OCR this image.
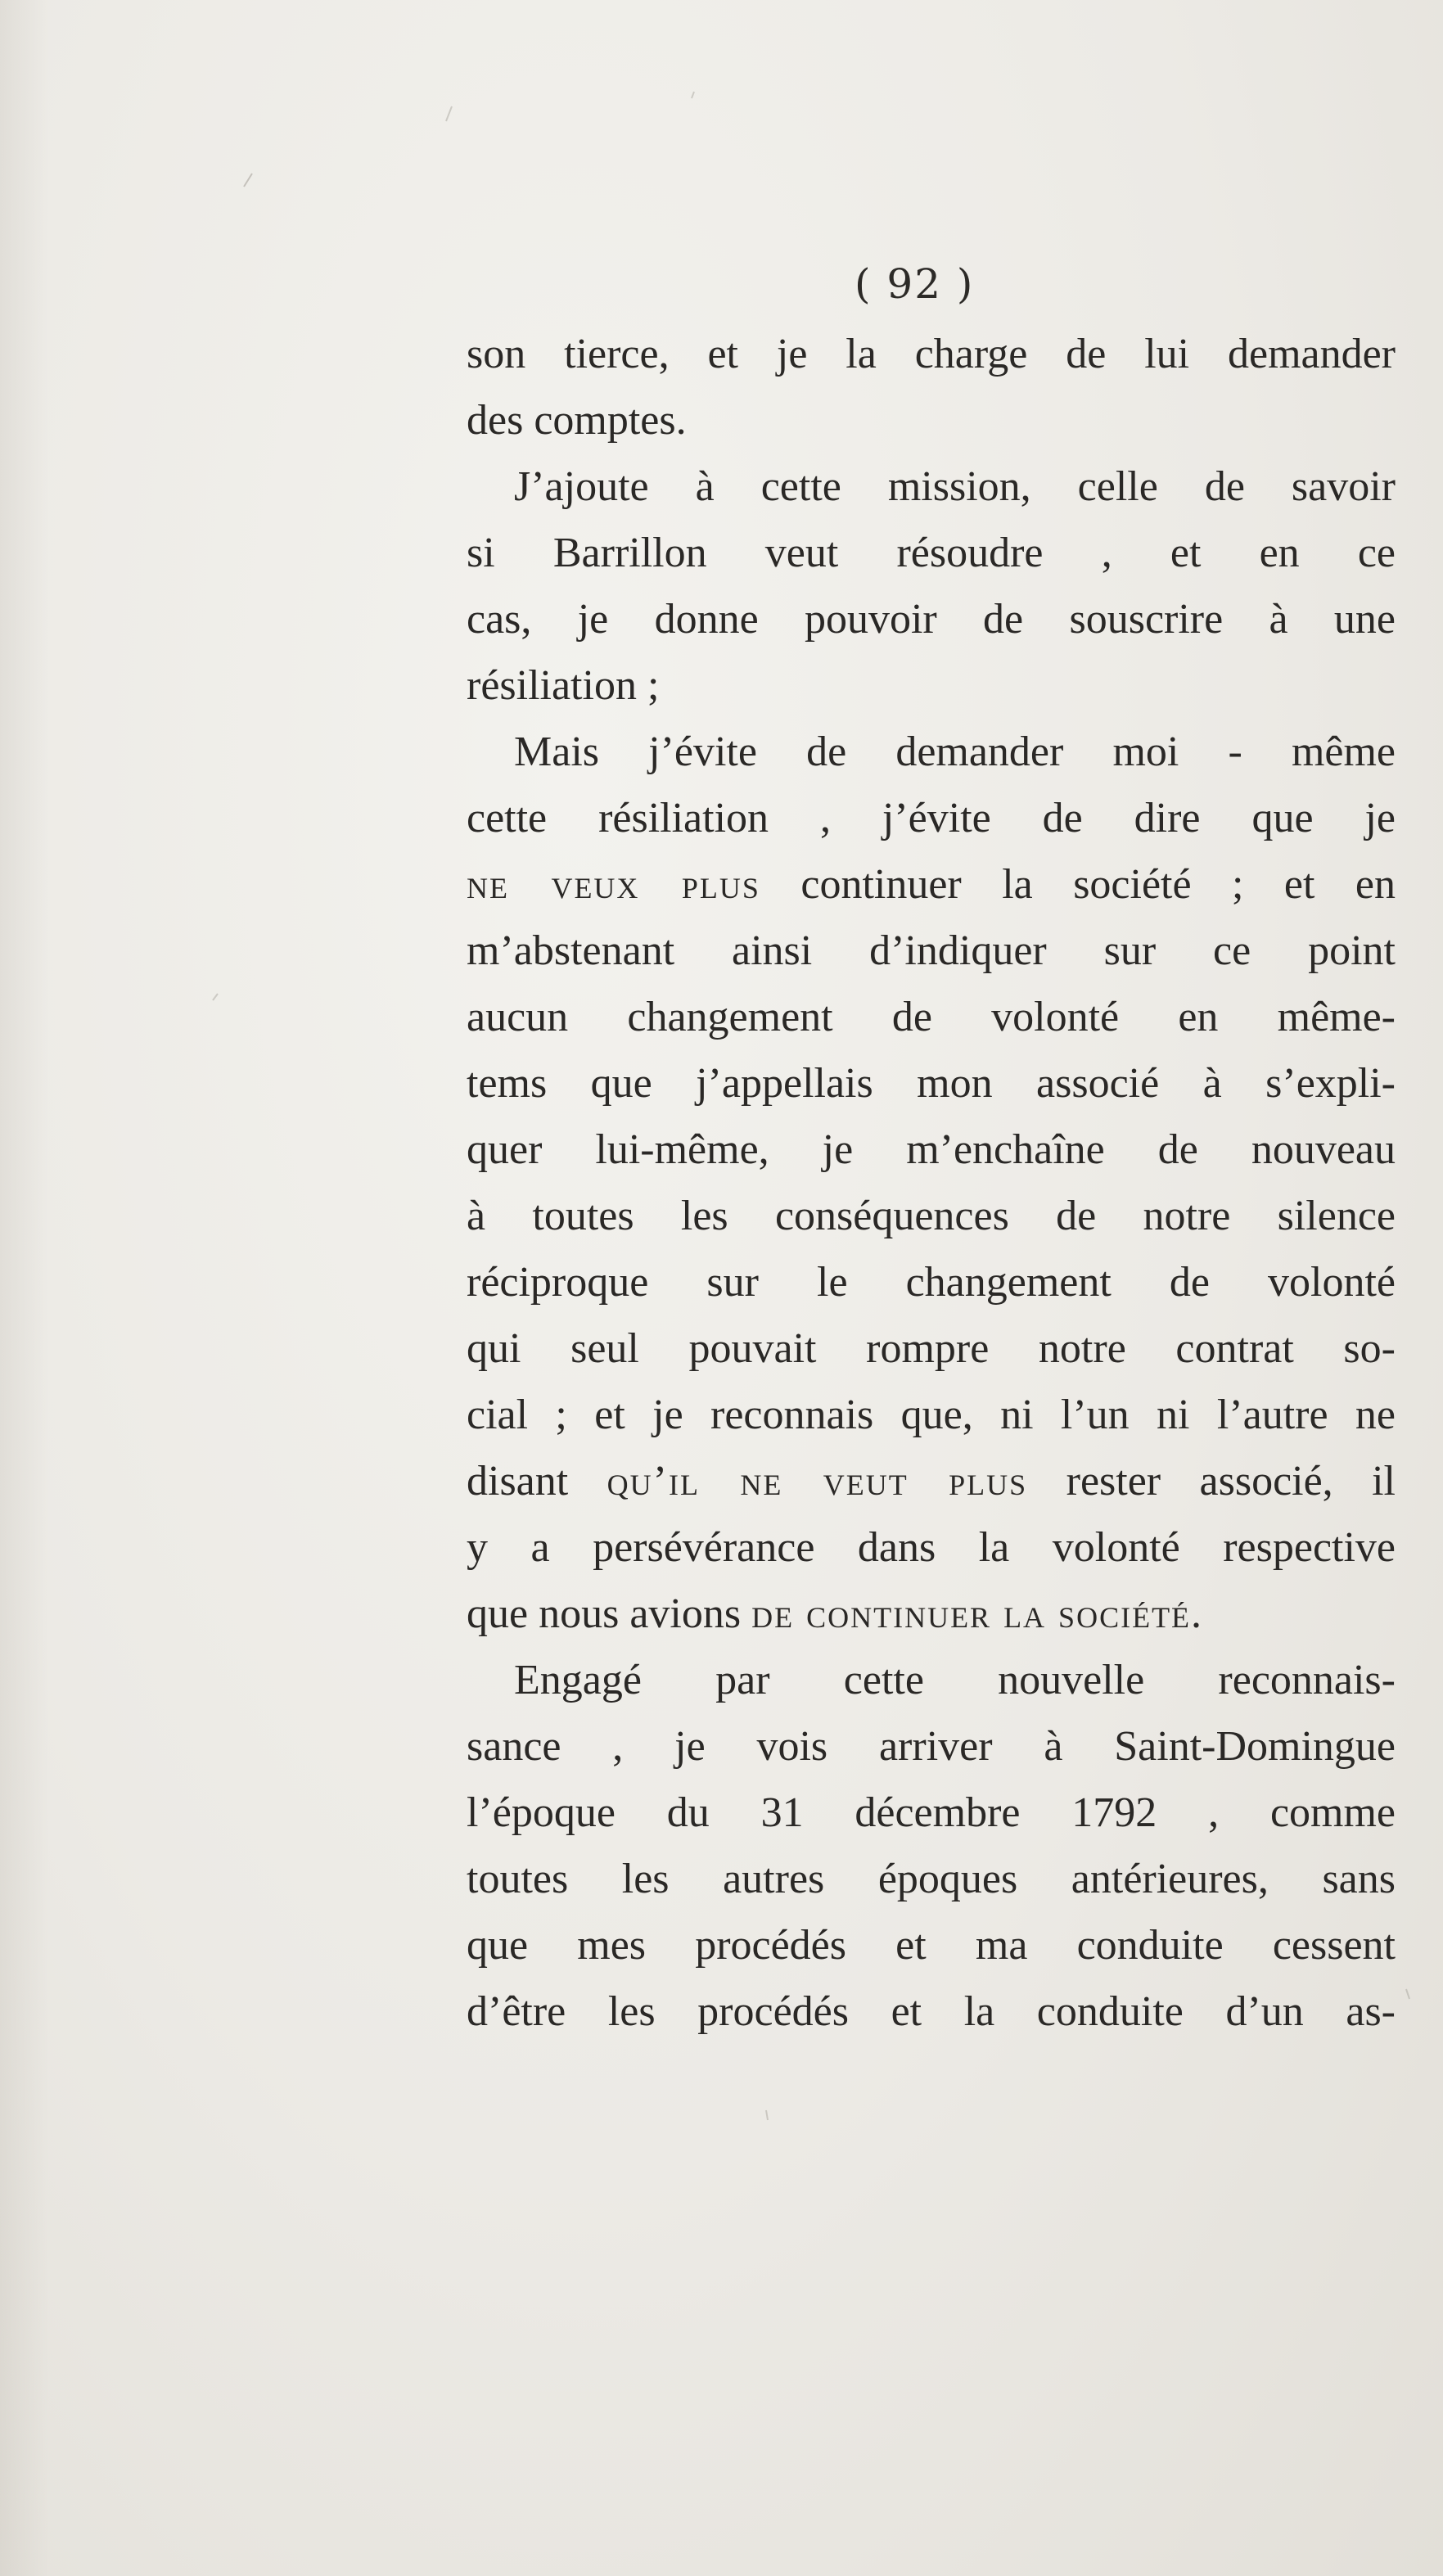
( 92 )
son tierce, et je la charge de lui demander
des comptes.
J’ajoute à cette mission, celle de savoir
si Barrillon veut résoudre , et en ce
cas, je donne pouvoir de souscrire à une
résiliation ;
Mais j’évite de demander moi - même
cette résiliation , j’évite de dire que je
ne veux plus continuer la société ; et en
m’abstenant ainsi d’indiquer sur ce point
aucun changement de volonté en même-
tems que j’appellais mon associé à s’expli-
quer lui-même, je m’enchaîne de nouveau
à toutes les conséquences de notre silence
réciproque sur le changement de volonté
qui seul pouvait rompre notre contrat so-
cial ; et je reconnais que, ni l’un ni l’autre ne
disant qu’il ne veut plus rester associé, il
y a persévérance dans la volonté respective
que nous avions de continuer la société.
Engagé par cette nouvelle reconnais-
sance , je vois arriver à Saint-Domingue
l’époque du 31 décembre 1792 , comme
toutes les autres époques antérieures, sans
que mes procédés et ma conduite cessent
d’être les procédés et la conduite d’un as-
